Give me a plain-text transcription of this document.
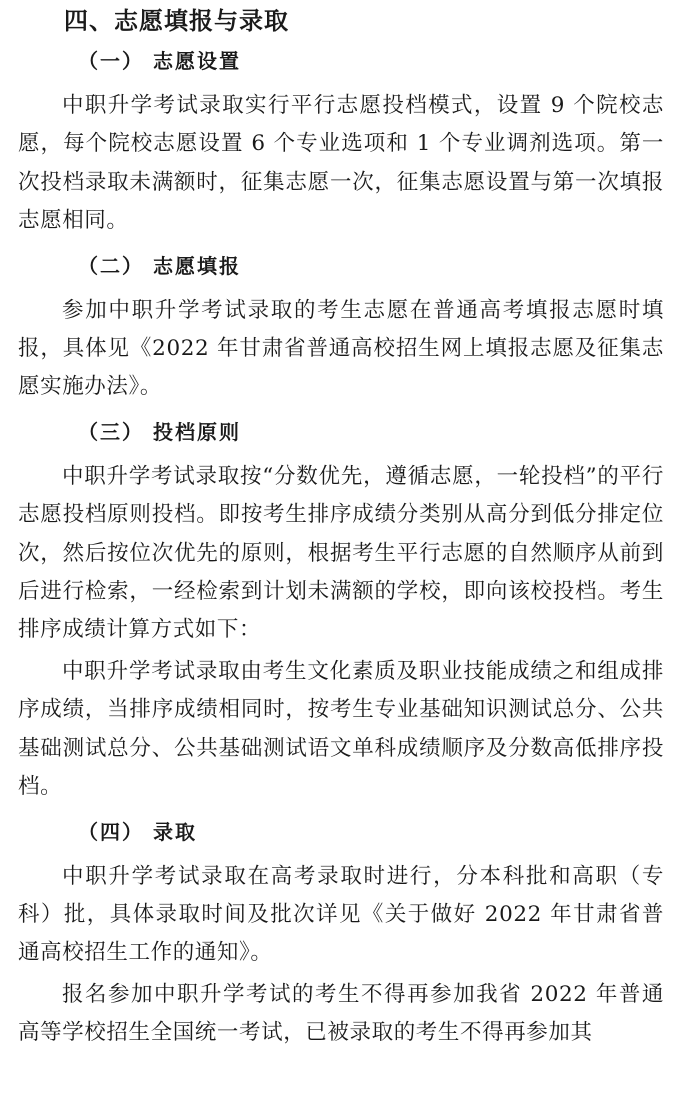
四、志愿填报与录取
（一） 志愿设置

中职升学考试录取实行平行志愿投档模式，设置 9 个院校志愿，每个院校志愿设置 6 个专业选项和 1 个专业调剂选项。第一次投档录取未满额时，征集志愿一次，征集志愿设置与第一次填报志愿相同。

（二） 志愿填报

参加中职升学考试录取的考生志愿在普通高考填报志愿时填报，具体见《2022 年甘肃省普通高校招生网上填报志愿及征集志愿实施办法》。

（三） 投档原则

中职升学考试录取按“分数优先，遵循志愿，一轮投档”的平行志愿投档原则投档。即按考生排序成绩分类别从高分到低分排定位次，然后按位次优先的原则，根据考生平行志愿的自然顺序从前到后进行检索，一经检索到计划未满额的学校，即向该校投档。考生排序成绩计算方式如下：

中职升学考试录取由考生文化素质及职业技能成绩之和组成排序成绩，当排序成绩相同时，按考生专业基础知识测试总分、公共基础测试总分、公共基础测试语文单科成绩顺序及分数高低排序投档。

（四） 录取

中职升学考试录取在高考录取时进行，分本科批和高职（专科）批，具体录取时间及批次详见《关于做好 2022 年甘肃省普通高校招生工作的通知》。

报名参加中职升学考试的考生不得再参加我省 2022 年普通高等学校招生全国统一考试，已被录取的考生不得再参加其
